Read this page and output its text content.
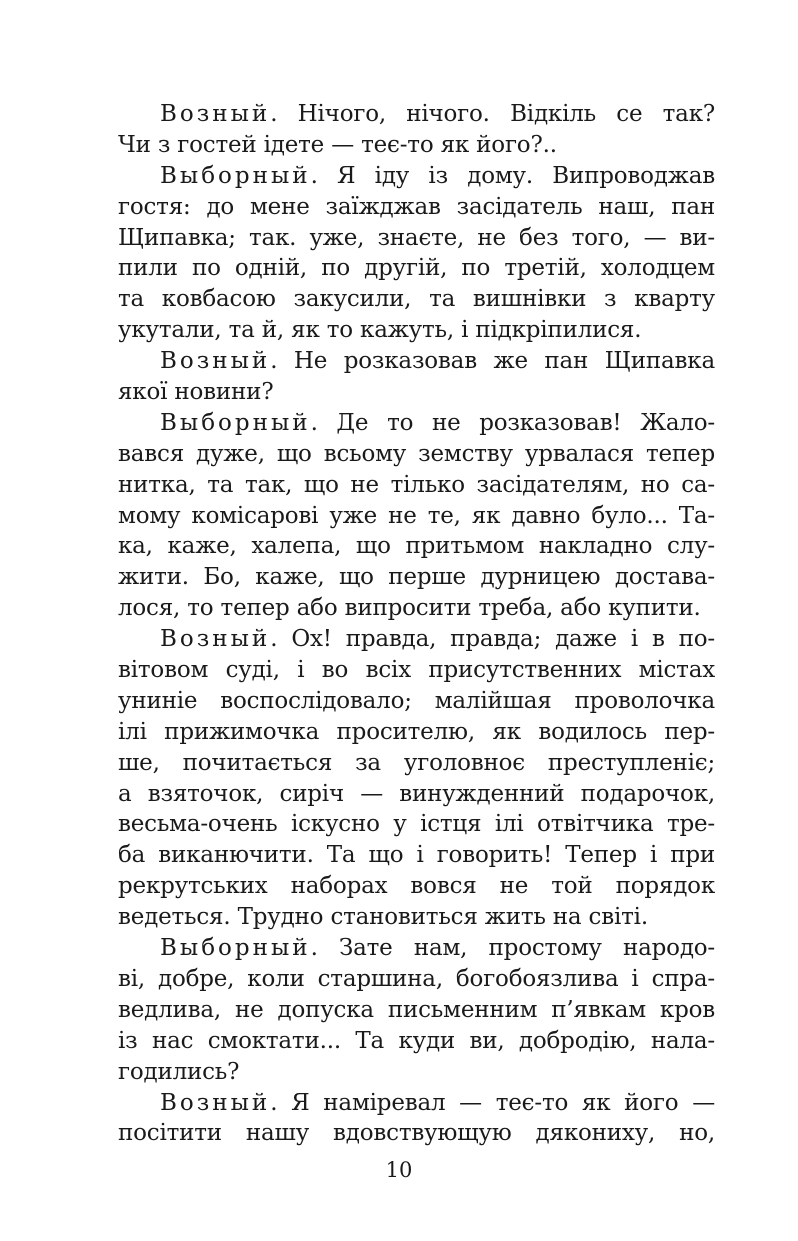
Возный. Нічого, нічого. Відкіль се так?
Чи з гостей ідете — теє-то як його?..
Выборный. Я іду із дому. Випроводжав
гостя: до мене заїжджав засідатель наш, пан
Щипавка; так. уже, знаєте, не без того, — ви-
пили по одній, по другій, по третій, холодцем
та ковбасою закусили, та вишнівки з кварту
укутали, та й, як то кажуть, і підкріпилися.
Возный. Не розказовав же пан Щипавка
якої новини?
Выборный. Де то не розказовав! Жало-
вався дуже, що всьому земству урвалася тепер
нитка, та так, що не тілько засідателям, но са-
мому комісарові уже не те, як давно було... Та-
ка, каже, халепа, що притьмом накладно слу-
жити. Бо, каже, що перше дурницею достава-
лося, то тепер або випросити треба, або купити.
Возный. Ох! правда, правда; даже і в по-
вітовом суді, і во всіх присутственних містах
униніе воспослідовало; малійшая проволочка
ілі прижимочка просителю, як водилось пер-
ше, почитається за уголовноє преступленіє;
а взяточок, сиріч — винужденний подарочок,
весьма-очень іскусно у істця ілі отвітчика тре-
ба виканючити. Та що і говорить! Тепер і при
рекрутських наборах вовся не той порядок
ведеться. Трудно становиться жить на світі.
Выборный. Зате нам, простому народо-
ві, добре, коли старшина, богобоязлива і спра-
ведлива, не допуска письменним п’явкам кров
із нас смоктати... Та куди ви, добродію, нала-
годились?
Возный. Я наміревал — теє-то як його —
посітити нашу вдовствующую дякониху, но,
10
